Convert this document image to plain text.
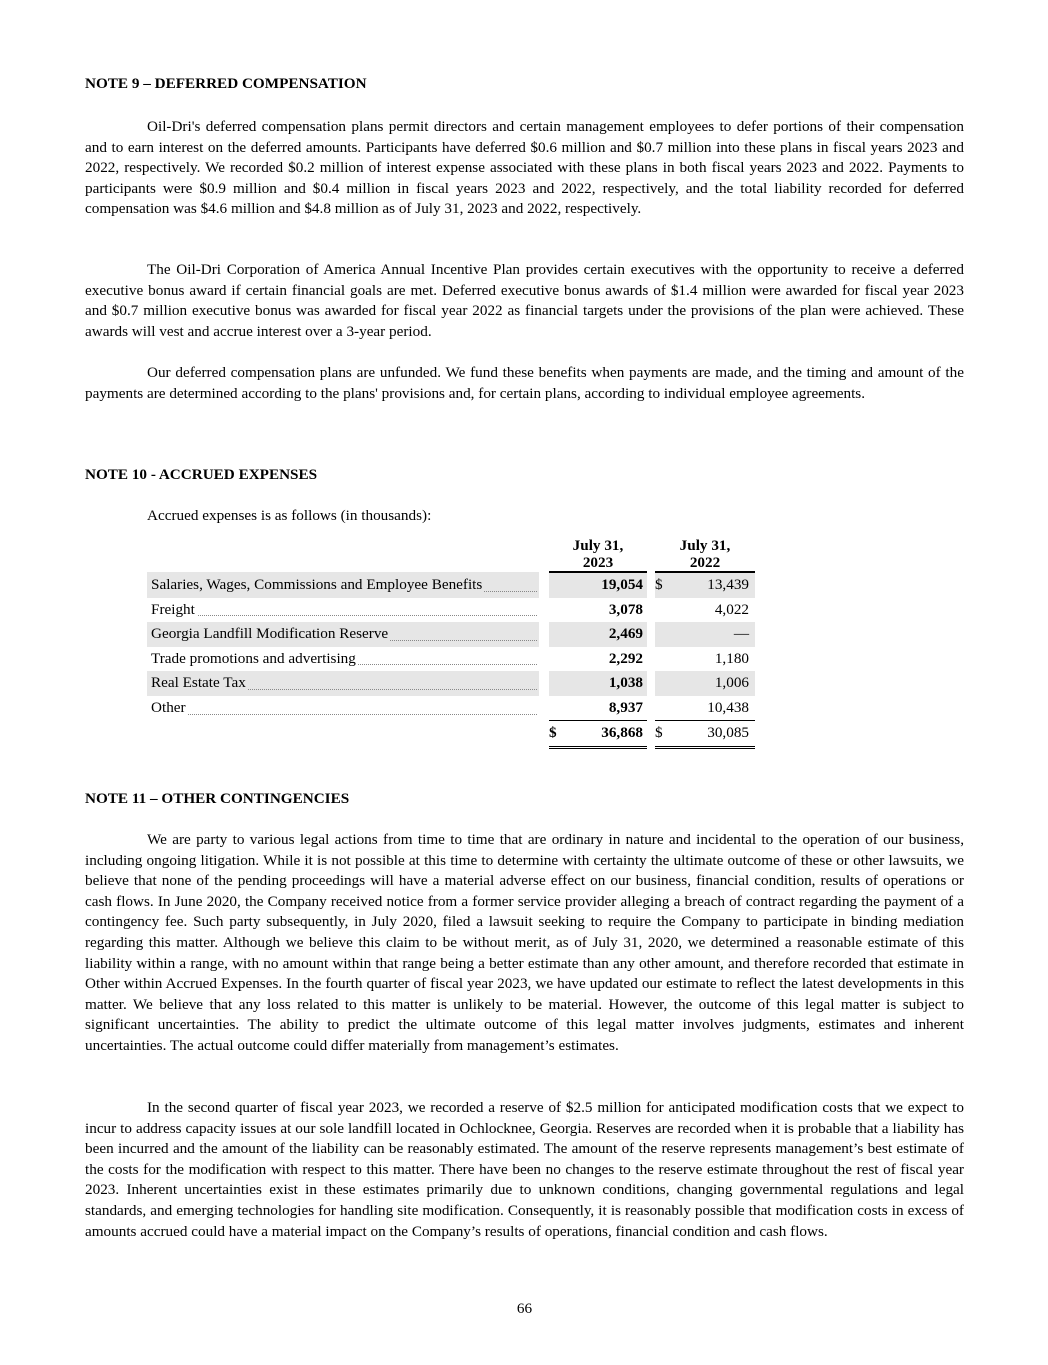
NOTE 9 – DEFERRED COMPENSATION

Oil-Dri's deferred compensation plans permit directors and certain management employees to defer portions of their compensation and to earn interest on the deferred amounts. Participants have deferred $0.6 million and $0.7 million into these plans in fiscal years 2023 and 2022, respectively. We recorded $0.2 million of interest expense associated with these plans in both fiscal years 2023 and 2022. Payments to participants were $0.9 million and $0.4 million in fiscal years 2023 and 2022, respectively, and the total liability recorded for deferred compensation was $4.6 million and $4.8 million as of July 31, 2023 and 2022, respectively.

The Oil-Dri Corporation of America Annual Incentive Plan provides certain executives with the opportunity to receive a deferred executive bonus award if certain financial goals are met. Deferred executive bonus awards of $1.4 million were awarded for fiscal year 2023 and $0.7 million executive bonus was awarded for fiscal year 2022 as financial targets under the provisions of the plan were achieved. These awards will vest and accrue interest over a 3-year period.

Our deferred compensation plans are unfunded. We fund these benefits when payments are made, and the timing and amount of the payments are determined according to the plans' provisions and, for certain plans, according to individual employee agreements.

NOTE 10 - ACCRUED EXPENSES

Accrued expenses is as follows (in thousands):

		July 31,
2023			July 31,
2022	

Salaries, Wages, Commissions and Employee Benefits			19,054		$	13,439

Freight			3,078			4,022

Georgia Landfill Modification Reserve			2,469			—

Trade promotions and advertising			2,292			1,180

Real Estate Tax			1,038			1,006

Other			8,937			10,438
		$	36,868		$	30,085
NOTE 11 – OTHER CONTINGENCIES

We are party to various legal actions from time to time that are ordinary in nature and incidental to the operation of our business, including ongoing litigation. While it is not possible at this time to determine with certainty the ultimate outcome of these or other lawsuits, we believe that none of the pending proceedings will have a material adverse effect on our business, financial condition, results of operations or cash flows. In June 2020, the Company received notice from a former service provider alleging a breach of contract regarding the payment of a contingency fee. Such party subsequently, in July 2020, filed a lawsuit seeking to require the Company to participate in binding mediation regarding this matter. Although we believe this claim to be without merit, as of July 31, 2020, we determined a reasonable estimate of this liability within a range, with no amount within that range being a better estimate than any other amount, and therefore recorded that estimate in Other within Accrued Expenses. In the fourth quarter of fiscal year 2023, we have updated our estimate to reflect the latest developments in this matter. We believe that any loss related to this matter is unlikely to be material. However, the outcome of this legal matter is subject to significant uncertainties. The ability to predict the ultimate outcome of this legal matter involves judgments, estimates and inherent uncertainties. The actual outcome could differ materially from management’s estimates.

In the second quarter of fiscal year 2023, we recorded a reserve of $2.5 million for anticipated modification costs that we expect to incur to address capacity issues at our sole landfill located in Ochlocknee, Georgia. Reserves are recorded when it is probable that a liability has been incurred and the amount of the liability can be reasonably estimated. The amount of the reserve represents management’s best estimate of the costs for the modification with respect to this matter. There have been no changes to the reserve estimate throughout the rest of fiscal year 2023. Inherent uncertainties exist in these estimates primarily due to unknown conditions, changing governmental regulations and legal standards, and emerging technologies for handling site modification. Consequently, it is reasonably possible that modification costs in excess of amounts accrued could have a material impact on the Company’s results of operations, financial condition and cash flows.

66
